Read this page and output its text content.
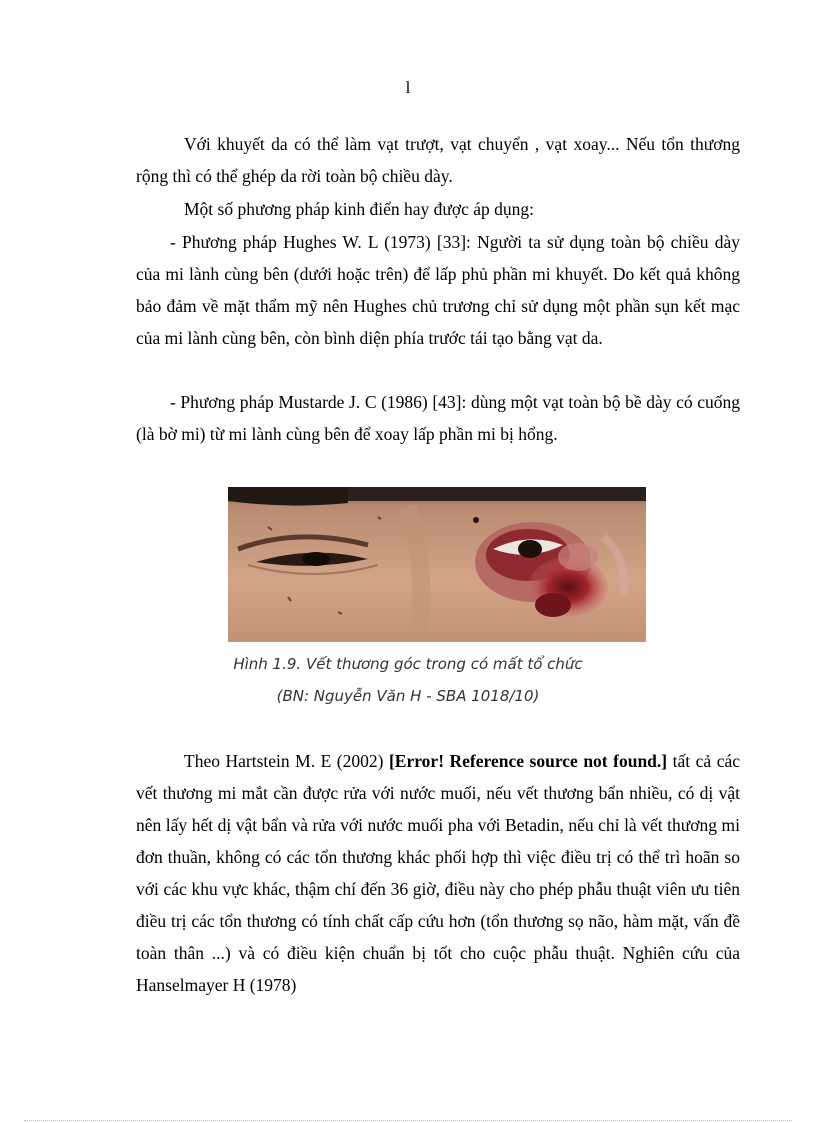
l

Với khuyết da có thể làm vạt trượt, vạt chuyển , vạt xoay... Nếu tổn thương rộng thì có thể ghép da rời toàn bộ chiều dày.

Một số phương pháp kinh điển hay được áp dụng:

- Phương pháp Hughes W. L (1973) [33]: Người ta sử dụng toàn bộ chiều dày của mi lành cùng bên (dưới hoặc trên) để lấp phủ phần mi khuyết. Do kết quả không bảo đảm về mặt thẩm mỹ nên Hughes chủ trương chỉ sử dụng một phần sụn kết mạc của mi lành cùng bên, còn bình diện phía trước tái tạo bằng vạt da.

- Phương pháp Mustarde J. C (1986) [43]: dùng một vạt toàn bộ bề dày có cuống (là bờ mi) từ mi lành cùng bên để xoay lấp phần mi bị hổng.

Hình 1.9. Vết thương góc trong có mất tổ chức
(BN: Nguyễn Văn H - SBA 1018/10)

Theo Hartstein M. E (2002) [Error! Reference source not found.] tất cả các vết thương mi mắt cần được rửa với nước muối, nếu vết thương bẩn nhiều, có dị vật nên lấy hết dị vật bẩn và rửa với nước muối pha với Betadin, nếu chỉ là vết thương mi đơn thuần, không có các tổn thương khác phối hợp thì việc điều trị có thể trì hoãn so với các khu vực khác, thậm chí đến 36 giờ, điều này cho phép phẫu thuật viên ưu tiên điều trị các tổn thương có tính chất cấp cứu hơn (tổn thương sọ não, hàm mặt, vấn đề toàn thân ...) và có điều kiện chuẩn bị tốt cho cuộc phẫu thuật. Nghiên cứu của Hanselmayer H (1978)
